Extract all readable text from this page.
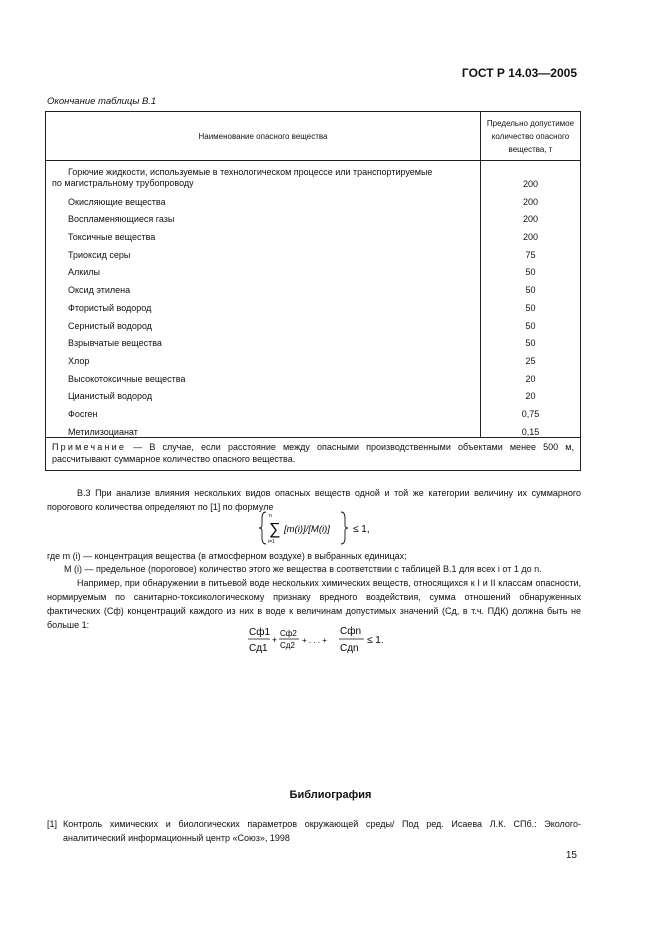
ГОСТ Р 14.03—2005
Окончание таблицы В.1
Наименование опасного вещества	Предельно допустимое количество опасного вещества, т
Горючие жидкости, используемые в технологическом процессе или транспортируемые
по магистральному трубопроводу	200
Окисляющие вещества	200
Воспламеняющиеся газы	200
Токсичные вещества	200
Триоксид серы	75
Алкилы	50
Оксид этилена	50
Фтористый водород	50
Сернистый водород	50
Взрывчатые вещества	50
Хлор	25
Высокотоксичные вещества	20
Цианистый водород	20
Фосген	0,75
Метилизоцианат	0,15
Примечание — В случае, если расстояние между опасными производственными объектами менее 500 м, рассчитывают суммарное количество опасного вещества.	
В.3 При анализе влияния нескольких видов опасных веществ одной и той же категории величину их суммарного порогового количества определяют по [1] по формуле
n
∑
i=1
[m(i)]/[M(i)] ≤ 1,
где m (i) — концентрация вещества (в атмосферном воздухе) в выбранных единицах;
M (i) — предельное (пороговое) количество этого же вещества в соответствии с таблицей В.1 для всех i от 1 до n.
Например, при обнаружении в питьевой воде нескольких химических веществ, относящихся к I и II классам опасности, нормируемым по санитарно-токсикологическому признаку вредного воздействия, сумма отношений обнаруженных фактических (Сф) концентраций каждого из них в воде к величинам допустимых значений (Сд, в т.ч. ПДК) должна быть не больше 1:
Cф1
Cд1
+
Cф2
Cд2
+ . . . +
Cфn
Cдn
≤ 1.
Библиография
[1] Контроль химических и биологических параметров окружающей среды/ Под ред. Исаева Л.К. СПб.: Эколого-аналитический информационный центр «Союз», 1998
15
